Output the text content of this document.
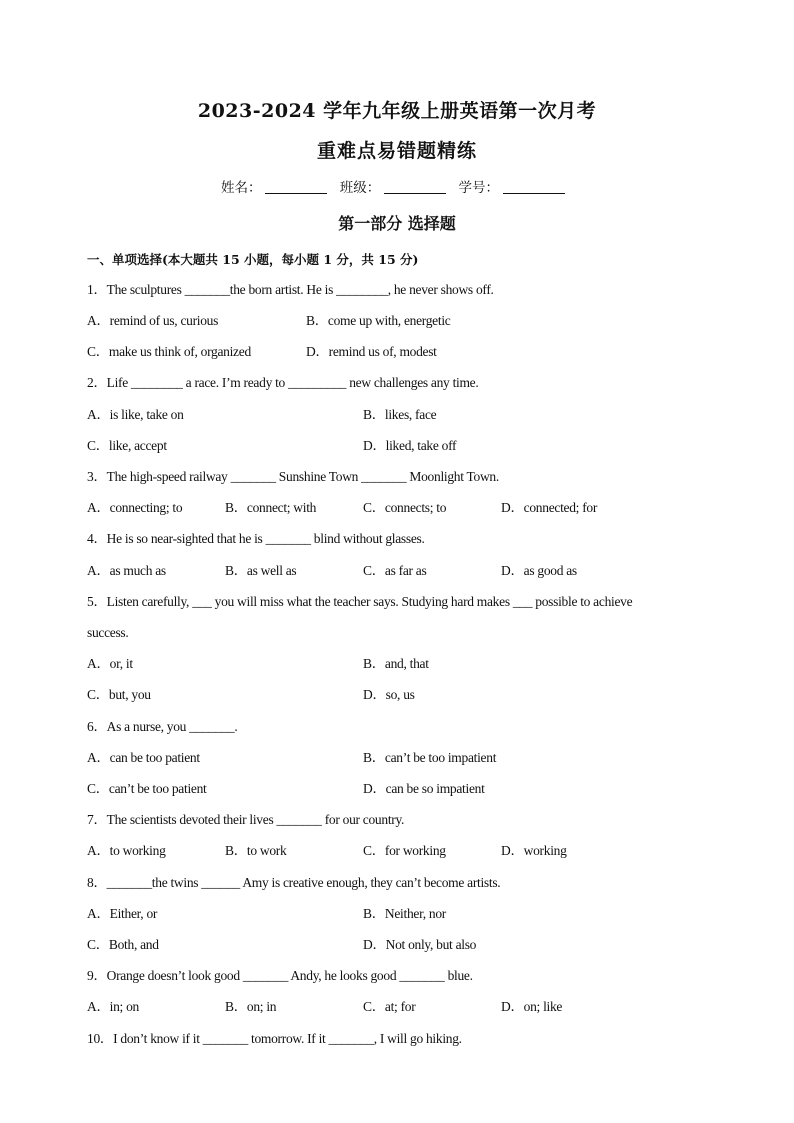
2023-2024 学年九年级上册英语第一次月考
重难点易错题精练
姓名：	班级：	学号：
第一部分 选择题
一、单项选择(本大题共 15 小题，每小题 1 分，共 15 分)
1．The sculptures _______the born artist. He is ________, he never shows off.
A．remind of us, curious	B．come up with, energetic
C．make us think of, organized	D．remind us of, modest
2．Life ________ a race. I’m ready to _________ new challenges any time.
A．is like, take on	B．likes, face
C．like, accept	D．liked, take off
3．The high-speed railway _______ Sunshine Town _______ Moonlight Town.
A．connecting; to	B．connect; with	C．connects; to	D．connected; for
4．He is so near-sighted that he is _______ blind without glasses.
A．as much as	B．as well as	C．as far as	D．as good as
5．Listen carefully, ___ you will miss what the teacher says. Studying hard makes ___ possible to achieve
success.
A．or, it	B．and, that
C．but, you	D．so, us
6．As a nurse, you _______.
A．can be too patient	B．can’t be too impatient
C．can’t be too patient	D．can be so impatient
7．The scientists devoted their lives _______ for our country.
A．to working	B．to work	C．for working	D．working
8．_______the twins ______ Amy is creative enough, they can’t become artists.
A．Either, or	B．Neither, nor
C．Both, and	D．Not only, but also
9．Orange doesn’t look good _______ Andy, he looks good _______ blue.
A．in; on	B．on; in	C．at; for	D．on; like
10．I don’t know if it _______ tomorrow. If it _______, I will go hiking.
